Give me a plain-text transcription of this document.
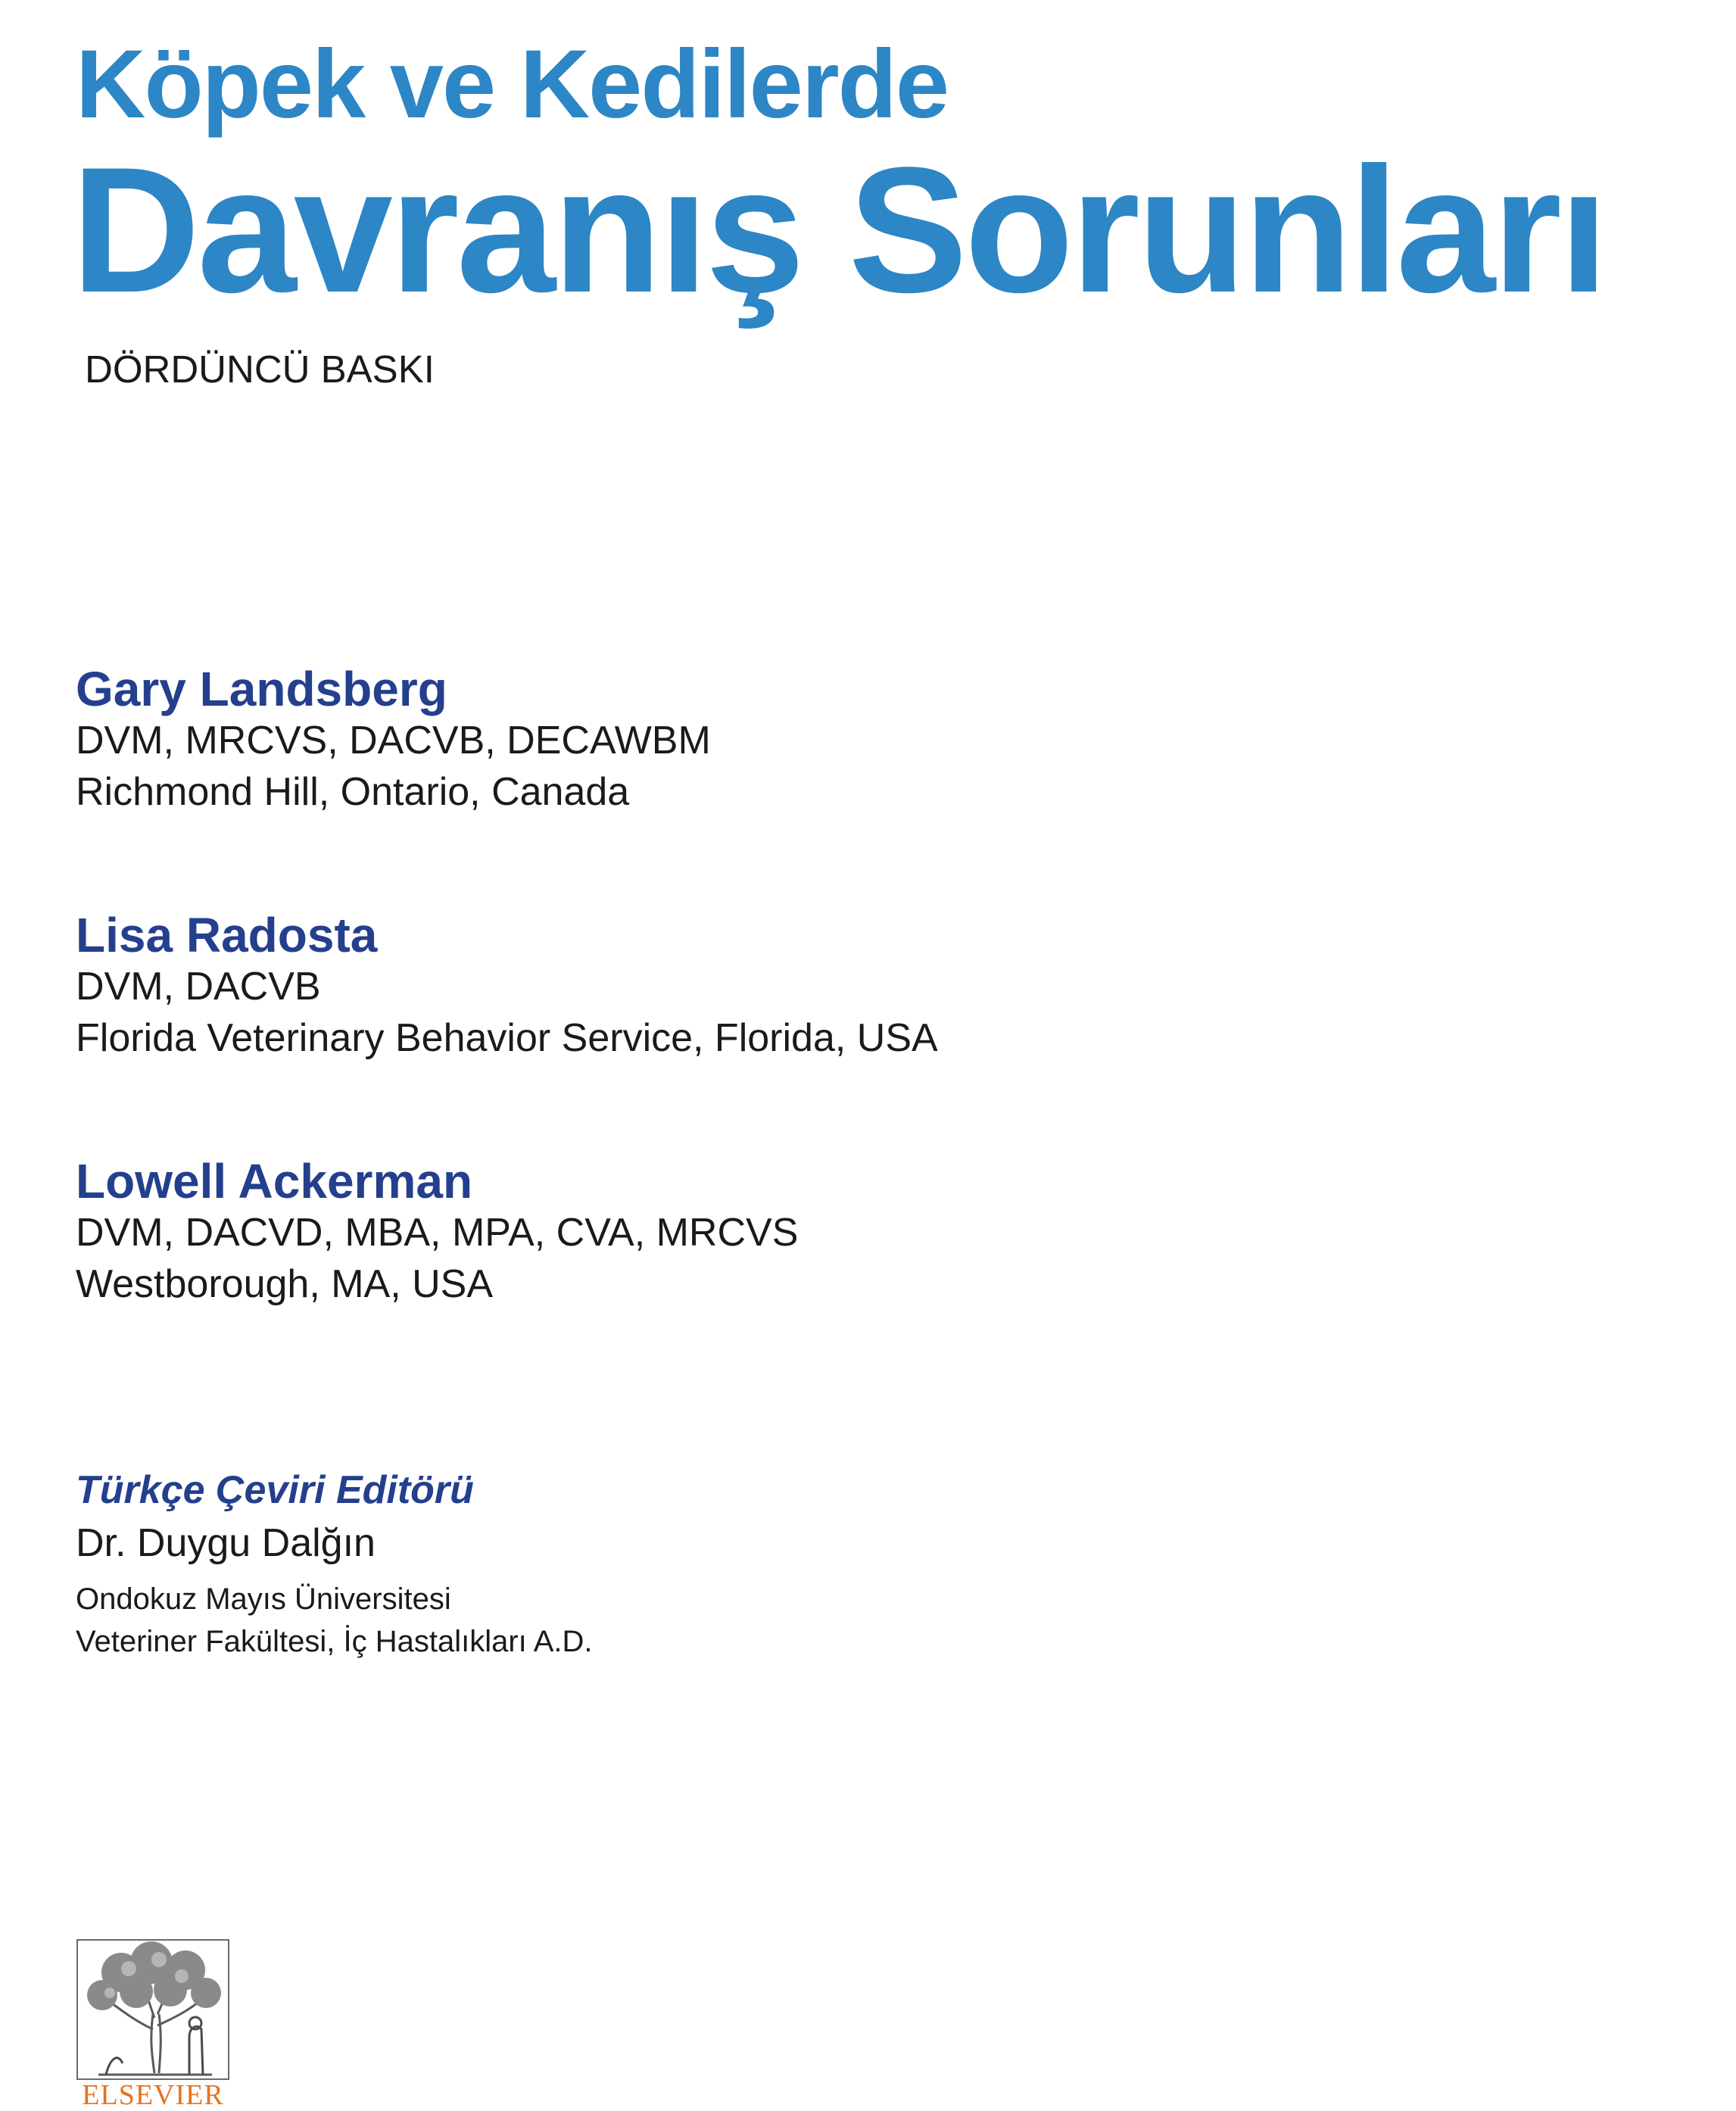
Köpek ve Kedilerde
Davranış Sorunları
DÖRDÜNCÜ BASKI
Gary Landsberg
DVM, MRCVS, DACVB, DECAWBM
Richmond Hill, Ontario, Canada
Lisa Radosta
DVM, DACVB
Florida Veterinary Behavior Service, Florida, USA
Lowell Ackerman
DVM, DACVD, MBA, MPA, CVA, MRCVS
Westborough, MA, USA
Türkçe Çeviri Editörü
Dr. Duygu Dalğın
Ondokuz Mayıs Üniversitesi
Veteriner Fakültesi, İç Hastalıkları A.D.
ELSEVIER
